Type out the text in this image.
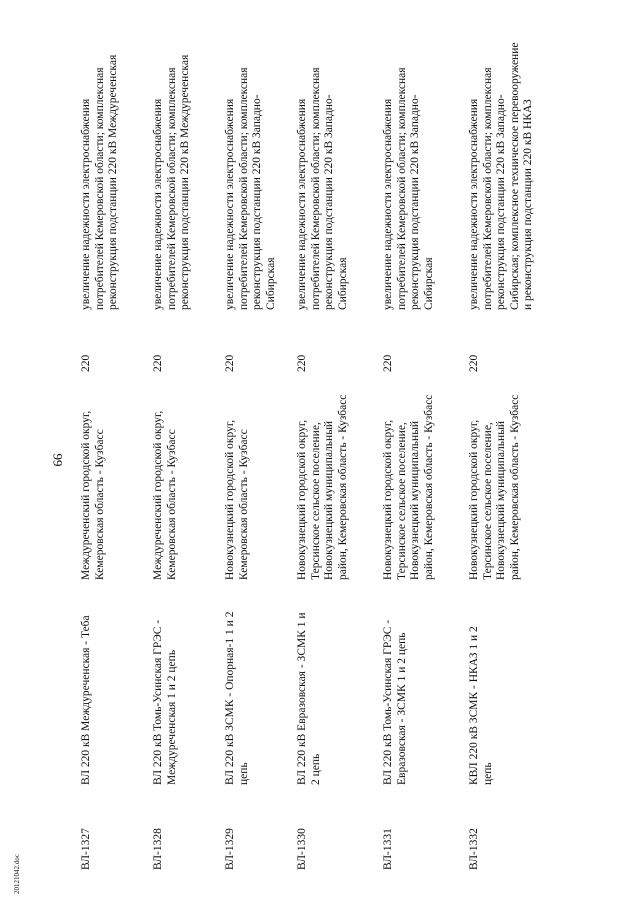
99
ВЛ-1327
ВЛ 220 кВ Междуреченская - Теба
Междуреченский городской округ, Кемеровская область - Кузбасс
220
увеличение надежности электроснабжения потребителей Кемеровской области; комплексная реконструкция подстанции 220 кВ Междуреченская
ВЛ-1328
ВЛ 220 кВ Томь-Усинская ГРЭС - Междуреченская 1 и 2 цепь
Междуреченский городской округ, Кемеровская область - Кузбасс
220
увеличение надежности электроснабжения потребителей Кемеровской области; комплексная реконструкция подстанции 220 кВ Междуреченская
ВЛ-1329
ВЛ 220 кВ ЗСМК - Опорная-1 1 и 2 цепь
Новокузнецкий городской округ, Кемеровская область - Кузбасс
220
увеличение надежности электроснабжения потребителей Кемеровской области; комплексная реконструкция подстанции 220 кВ Западно-Сибирская
ВЛ-1330
ВЛ 220 кВ Евразовская - ЗСМК 1 и 2 цепь
Новокузнецкий городской округ, Терсинское сельское поселение, Новокузнецкий муниципальный район, Кемеровская область - Кузбасс
220
увеличение надежности электроснабжения потребителей Кемеровской области; комплексная реконструкция подстанции 220 кВ Западно-Сибирская
ВЛ-1331
ВЛ 220 кВ Томь-Усинская ГРЭС - Евразовская - ЗСМК 1 и 2 цепь
Новокузнецкий городской округ, Терсинское сельское поселение, Новокузнецкий муниципальный район, Кемеровская область - Кузбасс
220
увеличение надежности электроснабжения потребителей Кемеровской области; комплексная реконструкция подстанции 220 кВ Западно-Сибирская
ВЛ-1332
КВЛ 220 кВ ЗСМК - НКАЗ 1 и 2 цепь
Новокузнецкий городской округ, Терсинское сельское поселение, Новокузнецкий муниципальный район, Кемеровская область - Кузбасс
220
увеличение надежности электроснабжения потребителей Кемеровской области; комплексная реконструкция подстанции 220 кВ Западно-Сибирская; комплексное техническое перевооружение и реконструкция подстанции 220 кВ НКАЗ
20121042.doc
